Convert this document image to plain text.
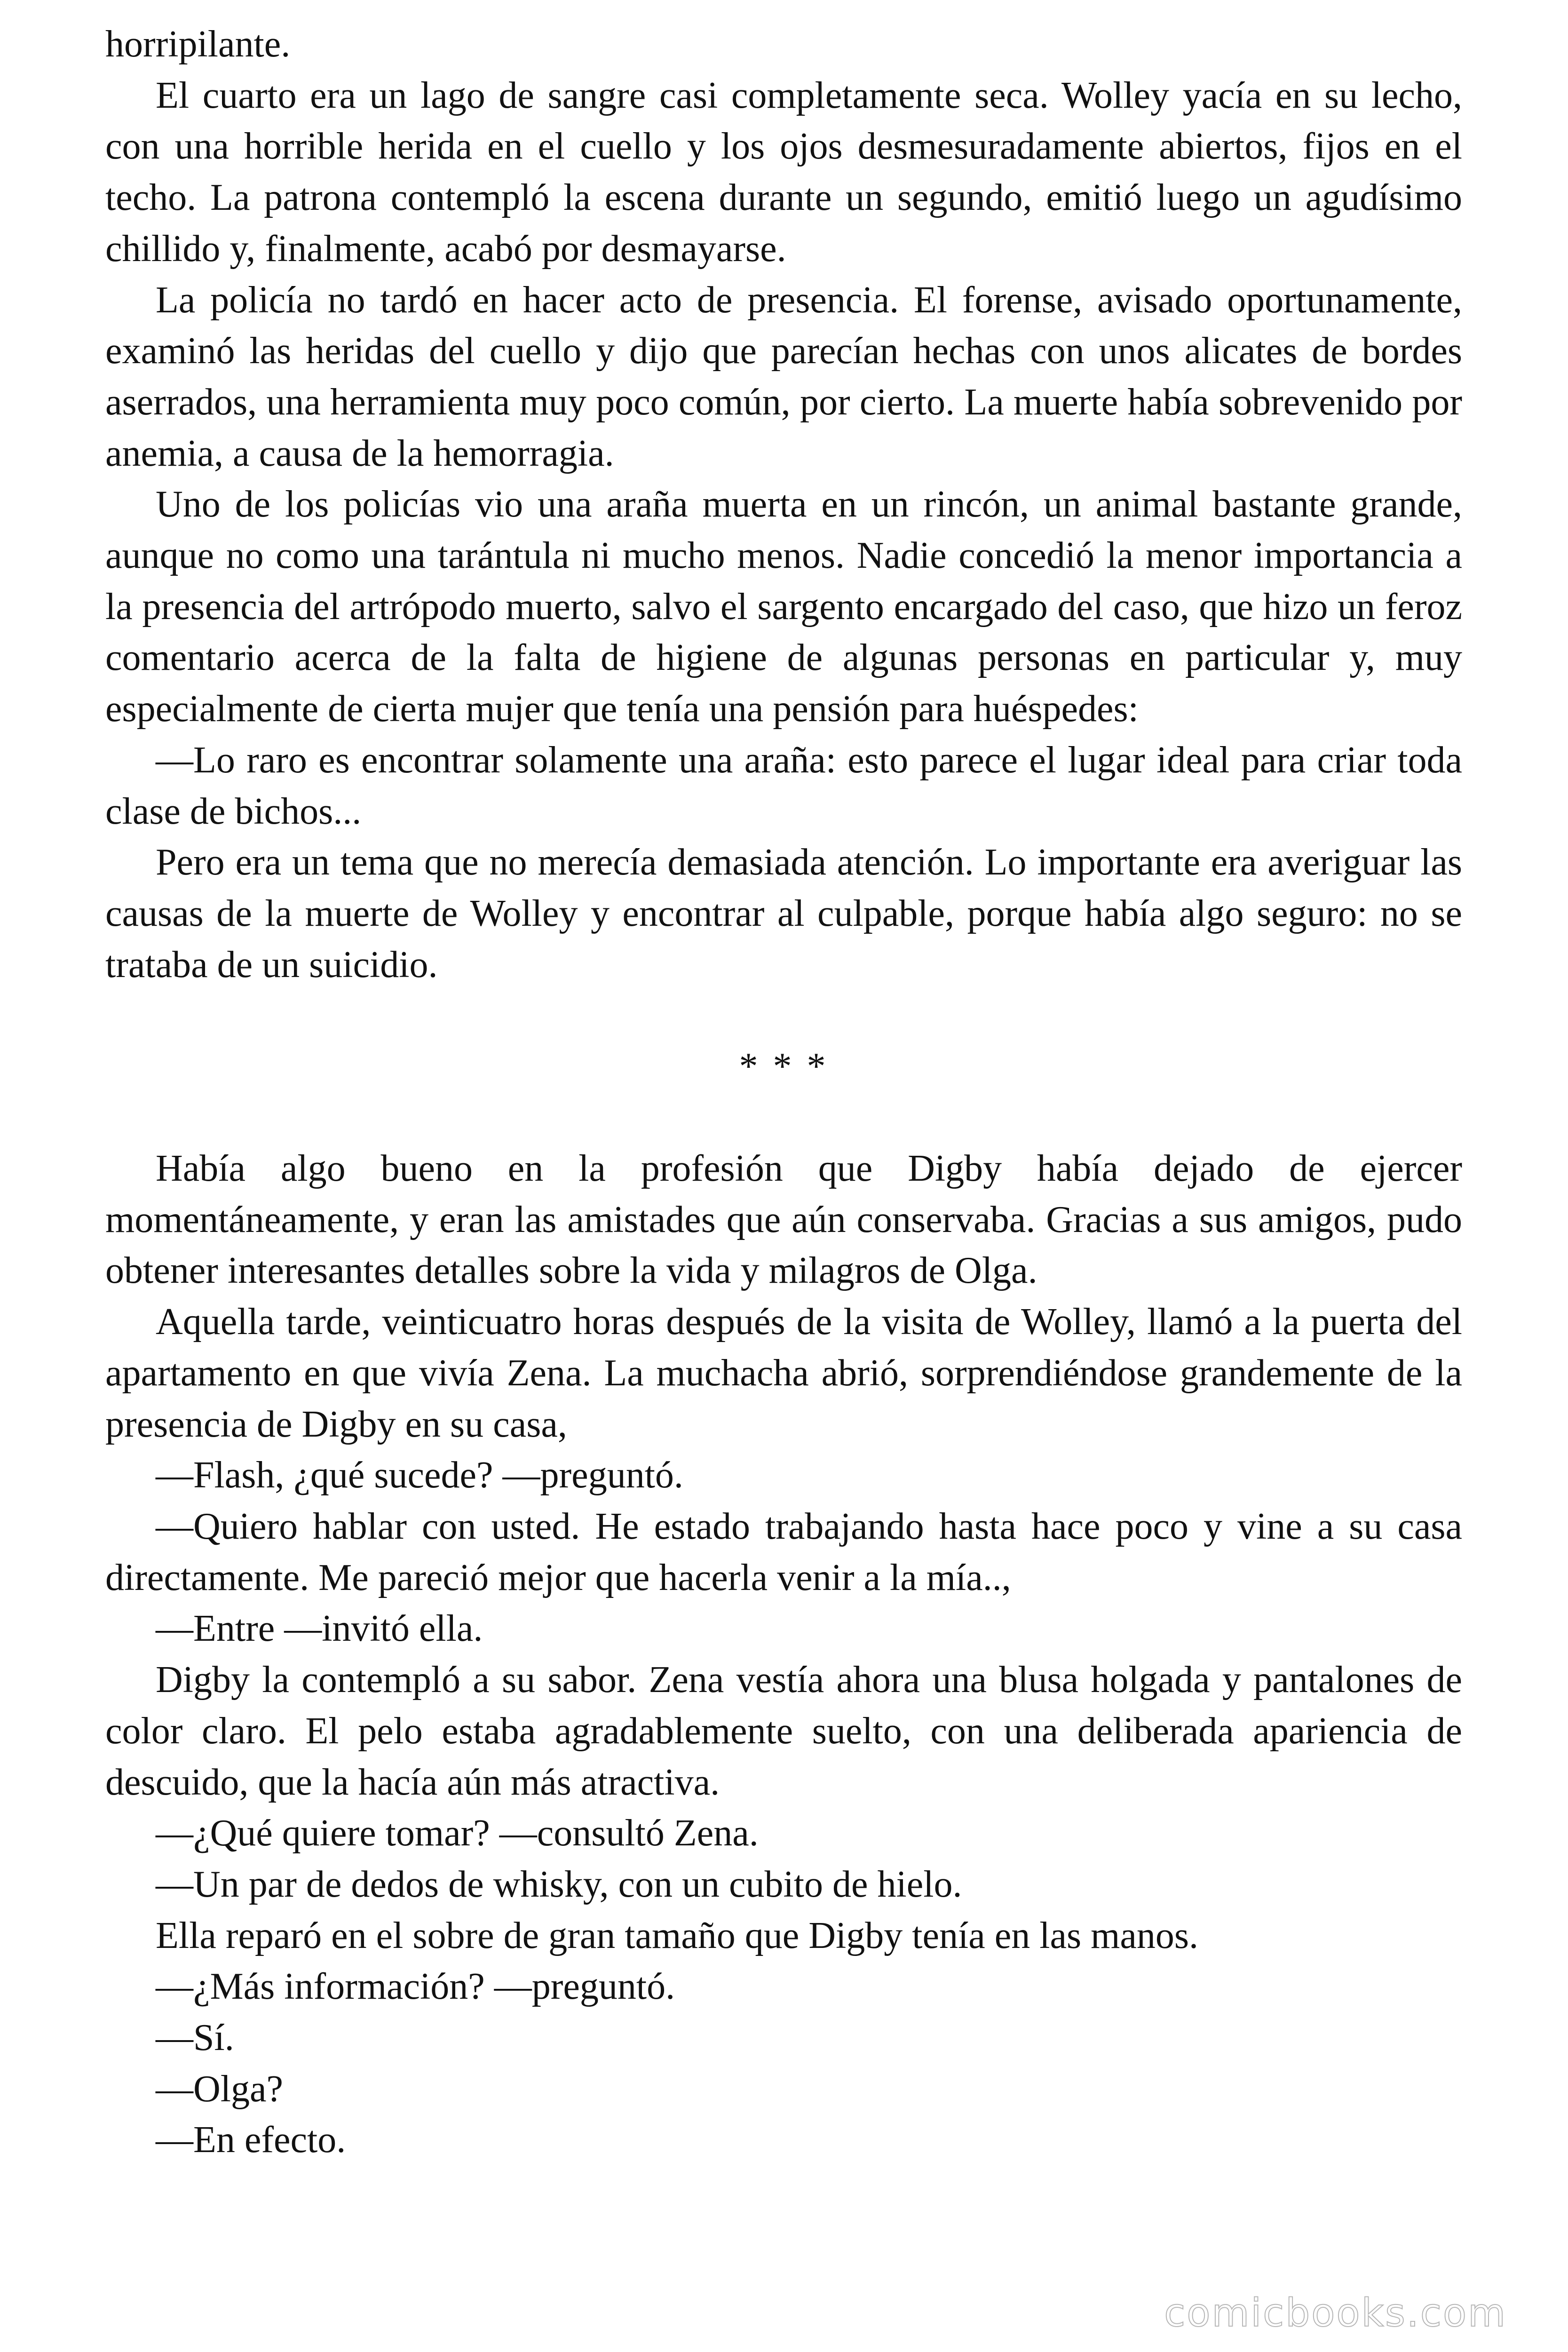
horripilante.

El cuarto era un lago de sangre casi completamente seca. Wolley yacía en su lecho, con una horrible herida en el cuello y los ojos desmesuradamente abiertos, fijos en el techo. La patrona contempló la escena durante un segundo, emitió luego un agudísimo chillido y, finalmente, acabó por desmayarse.

La policía no tardó en hacer acto de presencia. El forense, avisado oportunamente, examinó las heridas del cuello y dijo que parecían hechas con unos alicates de bordes aserrados, una herramienta muy poco común, por cierto. La muerte había sobrevenido por anemia, a causa de la hemorragia.

Uno de los policías vio una araña muerta en un rincón, un animal bastante grande, aunque no como una tarántula ni mucho menos. Nadie concedió la menor importancia a la presencia del artrópodo muerto, salvo el sargento encargado del caso, que hizo un feroz comentario acerca de la falta de higiene de algunas personas en particular y, muy especialmente de cierta mujer que tenía una pensión para huéspedes:

—Lo raro es encontrar solamente una araña: esto parece el lugar ideal para criar toda clase de bichos...

Pero era un tema que no merecía demasiada atención. Lo importante era averiguar las causas de la muerte de Wolley y encontrar al culpable, porque había algo seguro: no se trataba de un suicidio.

* * *

Había algo bueno en la profesión que Digby había dejado de ejercer momentáneamente, y eran las amistades que aún conservaba. Gracias a sus amigos, pudo obtener interesantes detalles sobre la vida y milagros de Olga.

Aquella tarde, veinticuatro horas después de la visita de Wolley, llamó a la puerta del apartamento en que vivía Zena. La muchacha abrió, sorprendiéndose grandemente de la presencia de Digby en su casa,

—Flash, ¿qué sucede? —preguntó.

—Quiero hablar con usted. He estado trabajando hasta hace poco y vine a su casa directamente. Me pareció mejor que hacerla venir a la mía..,

—Entre —invitó ella.

Digby la contempló a su sabor. Zena vestía ahora una blusa holgada y pantalones de color claro. El pelo estaba agradablemente suelto, con una deliberada apariencia de descuido, que la hacía aún más atractiva.

—¿Qué quiere tomar? —consultó Zena.

—Un par de dedos de whisky, con un cubito de hielo.

Ella reparó en el sobre de gran tamaño que Digby tenía en las manos.

—¿Más información? —preguntó.

—Sí.

—Olga?

—En efecto.

comicbooks.com
